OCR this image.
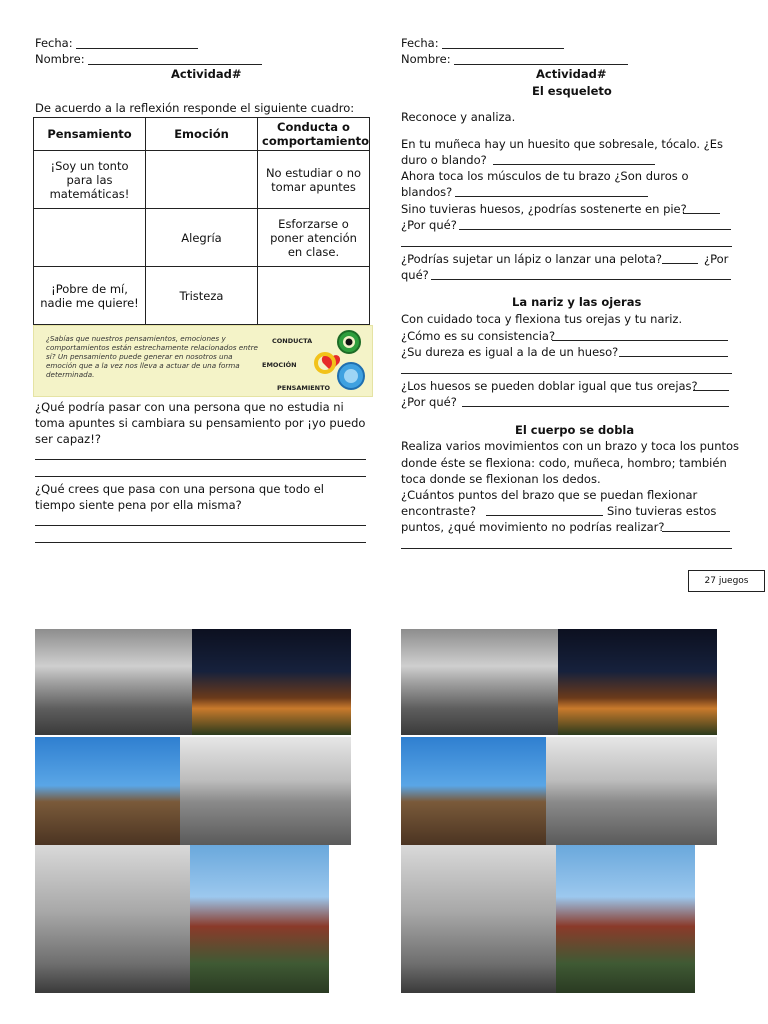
Fecha:
Nombre:
Actividad#
De acuerdo a la reflexión responde el siguiente cuadro:
Pensamiento	Emoción	Conducta o comportamiento
¡Soy un tonto para las matemáticas!		No estudiar o no tomar apuntes
	Alegría	Esforzarse o poner atención en clase.
¡Pobre de mí, nadie me quiere!	Tristeza	
¿Sabías que nuestros pensamientos, emociones y comportamientos están estrechamente relacionados entre sí? Un pensamiento puede generar en nosotros una emoción que a la vez nos lleva a actuar de una forma determinada.
CONDUCTA
EMOCIÓN
PENSAMIENTO
¿Qué podría pasar con una persona que no estudia ni
toma apuntes si cambiara su pensamiento por ¡yo puedo
ser capaz!?
¿Qué crees que pasa con una persona que todo el
tiempo siente pena por ella misma?
Fecha:
Nombre:
Actividad#
El esqueleto
Reconoce y analiza.
En tu muñeca hay un huesito que sobresale, tócalo. ¿Es
duro o blando?
Ahora toca los músculos de tu brazo ¿Son duros o
blandos?
Sino tuvieras huesos, ¿podrías sostenerte en pie?
¿Por qué?
¿Podrías sujetar un lápiz o lanzar una pelota?	¿Por
qué?
La nariz y las ojeras
Con cuidado toca y flexiona tus orejas y tu nariz.
¿Cómo es su consistencia?
¿Su dureza es igual a la de un hueso?
¿Los huesos se pueden doblar igual que tus orejas?
¿Por qué?
El cuerpo se dobla
Realiza varios movimientos con un brazo y toca los puntos
donde éste se flexiona: codo, muñeca, hombro; también
toca donde se flexionan los dedos.
¿Cuántos puntos del brazo que se puedan flexionar
encontraste?	Sino tuvieras estos
puntos, ¿qué movimiento no podrías realizar?
27 juegos
